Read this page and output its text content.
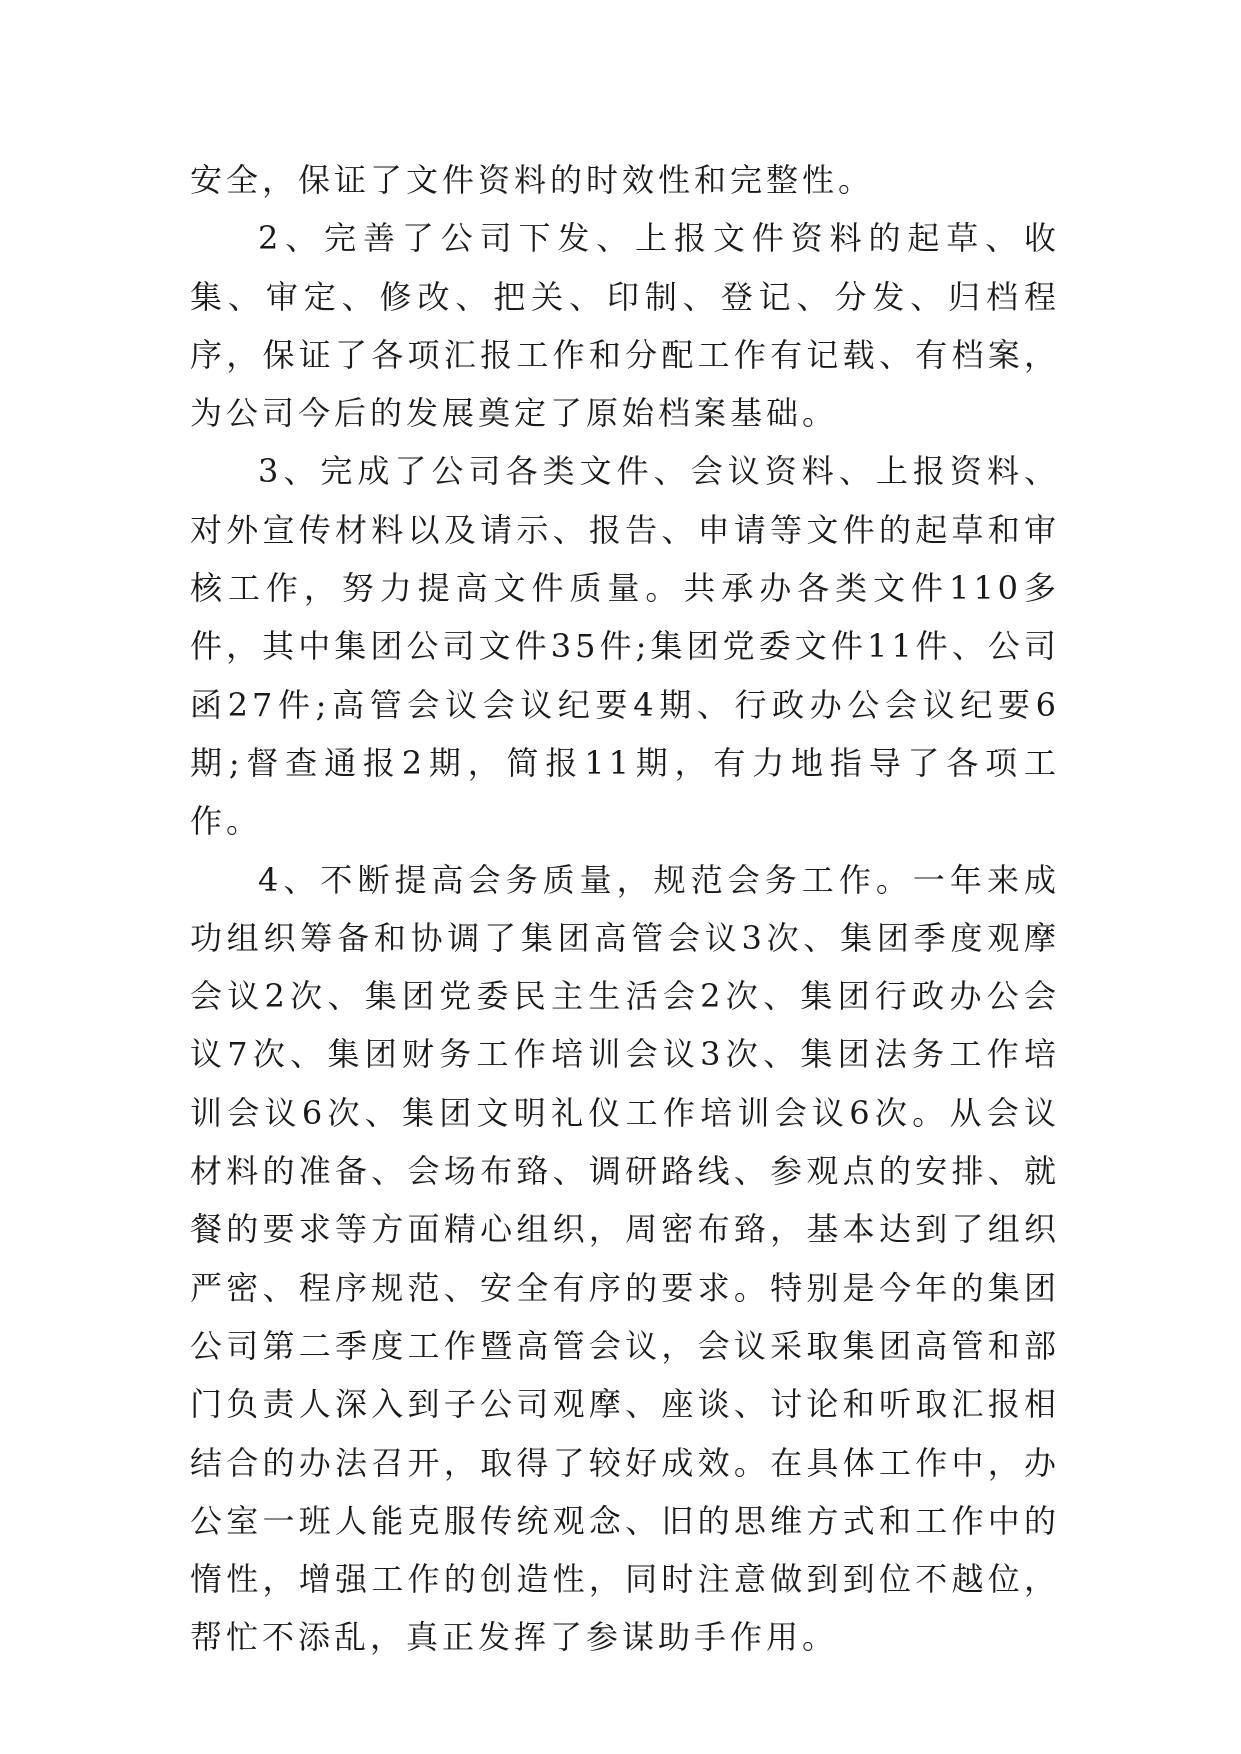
安全，保证了文件资料的时效性和完整性。

2、完善了公司下发、上报文件资料的起草、收集、审定、修改、把关、印制、登记、分发、归档程序，保证了各项汇报工作和分配工作有记载、有档案，为公司今后的发展奠定了原始档案基础。

3、完成了公司各类文件、会议资料、上报资料、对外宣传材料以及请示、报告、申请等文件的起草和审核工作，努力提高文件质量。共承办各类文件110多件，其中集团公司文件35件;集团党委文件11件、公司函27件;高管会议会议纪要4期、行政办公会议纪要6期;督查通报2期，简报11期，有力地指导了各项工作。

4、不断提高会务质量，规范会务工作。一年来成功组织筹备和协调了集团高管会议3次、集团季度观摩会议2次、集团党委民主生活会2次、集团行政办公会议7次、集团财务工作培训会议3次、集团法务工作培训会议6次、集团文明礼仪工作培训会议6次。从会议材料的准备、会场布臵、调研路线、参观点的安排、就餐的要求等方面精心组织，周密布臵，基本达到了组织严密、程序规范、安全有序的要求。特别是今年的集团公司第二季度工作暨高管会议，会议采取集团高管和部门负责人深入到子公司观摩、座谈、讨论和听取汇报相结合的办法召开，取得了较好成效。在具体工作中，办公室一班人能克服传统观念、旧的思维方式和工作中的惰性，增强工作的创造性，同时注意做到到位不越位，帮忙不添乱，真正发挥了参谋助手作用。
